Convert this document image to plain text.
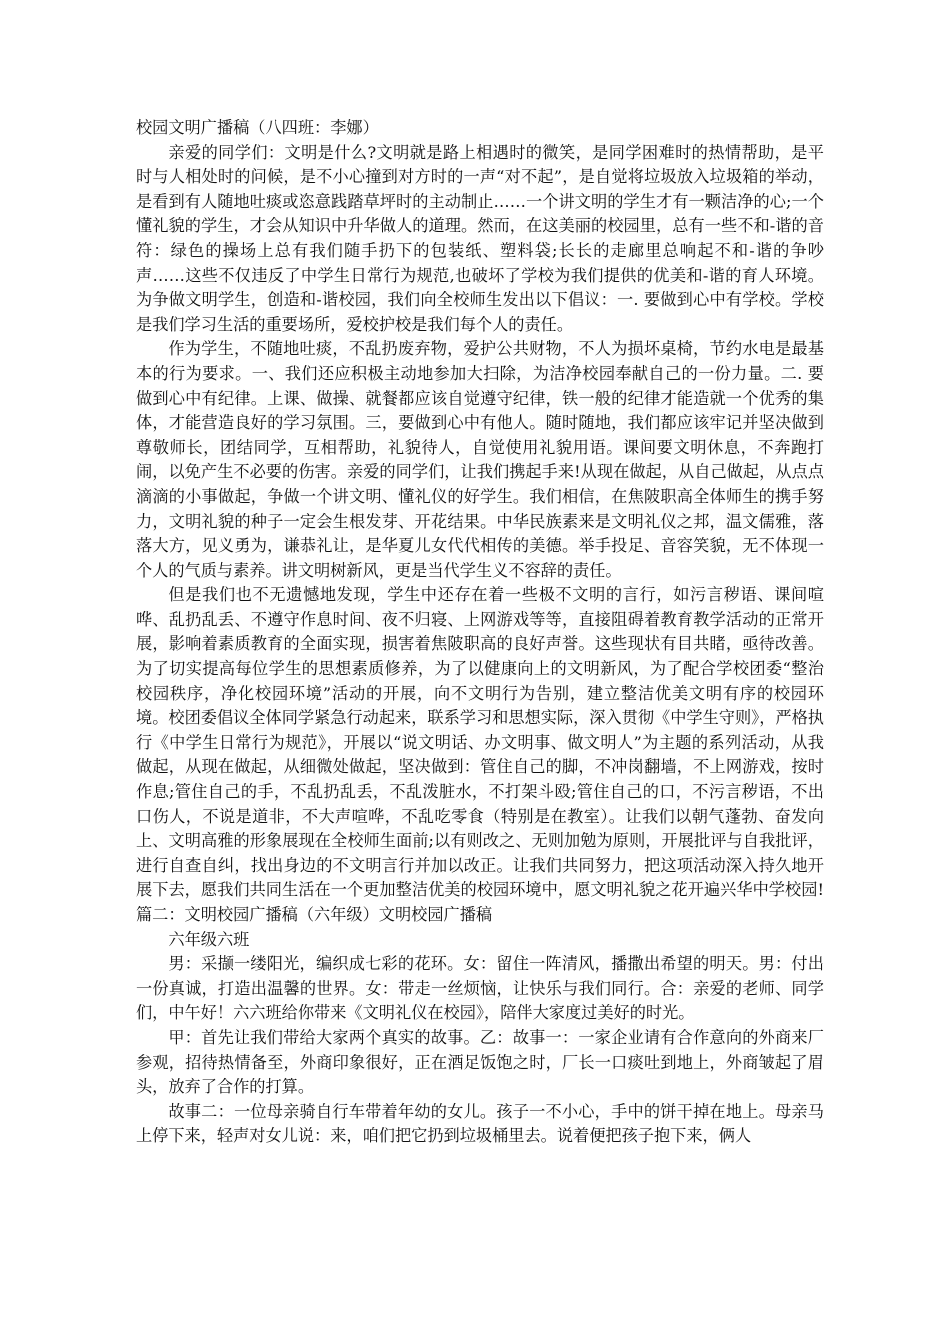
校园文明广播稿（八四班：李娜）

亲爱的同学们：文明是什么?文明就是路上相遇时的微笑，是同学困难时的热情帮助，是平时与人相处时的问候，是不小心撞到对方时的一声“对不起”，是自觉将垃圾放入垃圾箱的举动，是看到有人随地吐痰或恣意践踏草坪时的主动制止……一个讲文明的学生才有一颗洁净的心;一个懂礼貌的学生，才会从知识中升华做人的道理。然而，在这美丽的校园里，总有一些不和-谐的音符：绿色的操场上总有我们随手扔下的包装纸、塑料袋;长长的走廊里总响起不和-谐的争吵声……这些不仅违反了中学生日常行为规范,也破坏了学校为我们提供的优美和-谐的育人环境。为争做文明学生，创造和-谐校园，我们向全校师生发出以下倡议：一. 要做到心中有学校。学校是我们学习生活的重要场所，爱校护校是我们每个人的责任。

作为学生，不随地吐痰，不乱扔废弃物，爱护公共财物，不人为损坏桌椅，节约水电是最基本的行为要求。一、我们还应积极主动地参加大扫除，为洁净校园奉献自己的一份力量。二. 要做到心中有纪律。上课、做操、就餐都应该自觉遵守纪律，铁一般的纪律才能造就一个优秀的集体，才能营造良好的学习氛围。三，要做到心中有他人。随时随地，我们都应该牢记并坚决做到尊敬师长，团结同学，互相帮助，礼貌待人，自觉使用礼貌用语。课间要文明休息，不奔跑打闹，以免产生不必要的伤害。亲爱的同学们，让我们携起手来!从现在做起，从自己做起，从点点滴滴的小事做起，争做一个讲文明、懂礼仪的好学生。我们相信，在焦陂职高全体师生的携手努力，文明礼貌的种子一定会生根发芽、开花结果。中华民族素来是文明礼仪之邦，温文儒雅，落落大方，见义勇为，谦恭礼让，是华夏儿女代代相传的美德。举手投足、音容笑貌，无不体现一个人的气质与素养。讲文明树新风，更是当代学生义不容辞的责任。

但是我们也不无遗憾地发现，学生中还存在着一些极不文明的言行，如污言秽语、课间喧哗、乱扔乱丢、不遵守作息时间、夜不归寝、上网游戏等等，直接阻碍着教育教学活动的正常开展，影响着素质教育的全面实现，损害着焦陂职高的良好声誉。这些现状有目共睹，亟待改善。为了切实提高每位学生的思想素质修养，为了以健康向上的文明新风，为了配合学校团委“整治校园秩序，净化校园环境”活动的开展，向不文明行为告别，建立整洁优美文明有序的校园环境。校团委倡议全体同学紧急行动起来，联系学习和思想实际，深入贯彻《中学生守则》，严格执行《中学生日常行为规范》，开展以“说文明话、办文明事、做文明人”为主题的系列活动，从我做起，从现在做起，从细微处做起，坚决做到：管住自己的脚，不冲岗翻墙，不上网游戏，按时作息;管住自己的手，不乱扔乱丢，不乱泼脏水，不打架斗殴;管住自己的口，不污言秽语，不出口伤人，不说是道非，不大声喧哗，不乱吃零食（特别是在教室）。让我们以朝气蓬勃、奋发向上、文明高雅的形象展现在全校师生面前;以有则改之、无则加勉为原则，开展批评与自我批评，进行自查自纠，找出身边的不文明言行并加以改正。让我们共同努力，把这项活动深入持久地开展下去，愿我们共同生活在一个更加整洁优美的校园环境中，愿文明礼貌之花开遍兴华中学校园!篇二：文明校园广播稿（六年级）文明校园广播稿

六年级六班

男：采撷一缕阳光，编织成七彩的花环。女：留住一阵清风，播撒出希望的明天。男：付出一份真诚，打造出温馨的世界。女：带走一丝烦恼，让快乐与我们同行。合：亲爱的老师、同学们，中午好！六六班给你带来《文明礼仪在校园》，陪伴大家度过美好的时光。

甲：首先让我们带给大家两个真实的故事。乙：故事一：一家企业请有合作意向的外商来厂参观，招待热情备至，外商印象很好，正在酒足饭饱之时，厂长一口痰吐到地上，外商皱起了眉头，放弃了合作的打算。

故事二：一位母亲骑自行车带着年幼的女儿。孩子一不小心，手中的饼干掉在地上。母亲马上停下来，轻声对女儿说：来，咱们把它扔到垃圾桶里去。说着便把孩子抱下来，俩人
